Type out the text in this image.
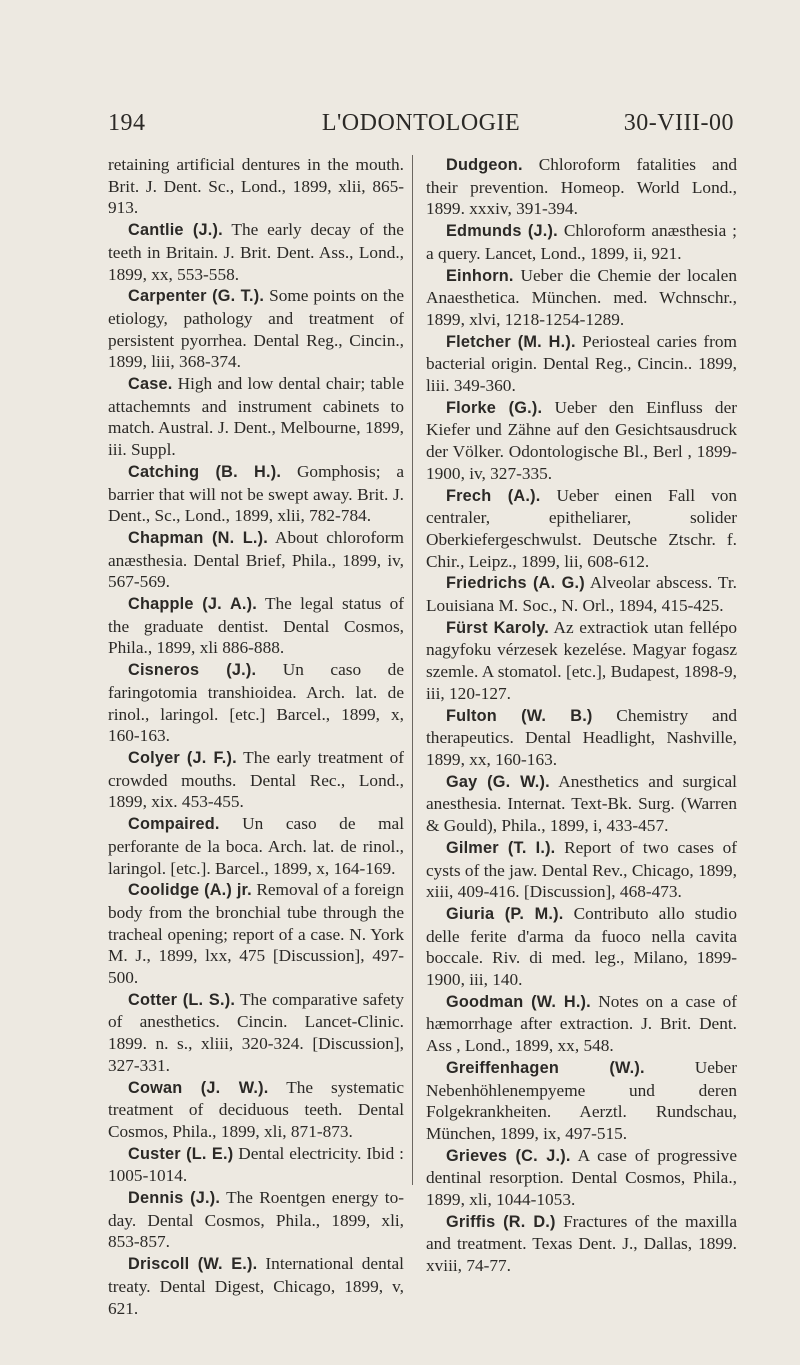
194	L'ODONTOLOGIE	30-VIII-00

retaining artificial dentures in the mouth. Brit. J. Dent. Sc., Lond., 1899, xlii, 865-913.

Cantlie (J.). The early decay of the teeth in Britain. J. Brit. Dent. Ass., Lond., 1899, xx, 553-558.

Carpenter (G. T.). Some points on the etiology, pathology and treatment of persistent pyorrhea. Dental Reg., Cincin., 1899, liii, 368-374.

Case. High and low dental chair; table attachemnts and instrument cabinets to match. Austral. J. Dent., Melbourne, 1899, iii. Suppl.

Catching (B. H.). Gomphosis; a barrier that will not be swept away. Brit. J. Dent., Sc., Lond., 1899, xlii, 782-784.

Chapman (N. L.). About chloroform anæsthesia. Dental Brief, Phila., 1899, iv, 567-569.

Chapple (J. A.). The legal status of the graduate dentist. Dental Cosmos, Phila., 1899, xli 886-888.

Cisneros (J.). Un caso de faringotomia transhioidea. Arch. lat. de rinol., laringol. [etc.] Barcel., 1899, x, 160-163.

Colyer (J. F.). The early treatment of crowded mouths. Dental Rec., Lond., 1899, xix. 453-455.

Compaired. Un caso de mal perforante de la boca. Arch. lat. de rinol., laringol. [etc.]. Barcel., 1899, x, 164-169.

Coolidge (A.) jr. Removal of a foreign body from the bronchial tube through the tracheal opening; report of a case. N. York M. J., 1899, lxx, 475 [Discussion], 497-500.

Cotter (L. S.). The comparative safety of anesthetics. Cincin. Lancet-Clinic. 1899. n. s., xliii, 320-324. [Discussion], 327-331.

Cowan (J. W.). The systematic treatment of deciduous teeth. Dental Cosmos, Phila., 1899, xli, 871-873.

Custer (L. E.) Dental electricity. Ibid : 1005-1014.

Dennis (J.). The Roentgen energy to-day. Dental Cosmos, Phila., 1899, xli, 853-857.

Driscoll (W. E.). International dental treaty. Dental Digest, Chicago, 1899, v, 621.

Dudgeon. Chloroform fatalities and their prevention. Homeop. World Lond., 1899. xxxiv, 391-394.

Edmunds (J.). Chloroform anæsthesia ; a query. Lancet, Lond., 1899, ii, 921.

Einhorn. Ueber die Chemie der localen Anaesthetica. München. med. Wchnschr., 1899, xlvi, 1218-1254-1289.

Fletcher (M. H.). Periosteal caries from bacterial origin. Dental Reg., Cincin.. 1899, liii. 349-360.

Florke (G.). Ueber den Einfluss der Kiefer und Zähne auf den Gesichtsausdruck der Völker. Odontologische Bl., Berl , 1899-1900, iv, 327-335.

Frech (A.). Ueber einen Fall von centraler, epitheliarer, solider Oberkiefergeschwulst. Deutsche Ztschr. f. Chir., Leipz., 1899, lii, 608-612.

Friedrichs (A. G.) Alveolar abscess. Tr. Louisiana M. Soc., N. Orl., 1894, 415-425.

Fürst Karoly. Az extractiok utan fellépo nagyfoku vérzesek kezelése. Magyar fogasz szemle. A stomatol. [etc.], Budapest, 1898-9, iii, 120-127.

Fulton (W. B.) Chemistry and therapeutics. Dental Headlight, Nashville, 1899, xx, 160-163.

Gay (G. W.). Anesthetics and surgical anesthesia. Internat. Text-Bk. Surg. (Warren & Gould), Phila., 1899, i, 433-457.

Gilmer (T. I.). Report of two cases of cysts of the jaw. Dental Rev., Chicago, 1899, xiii, 409-416. [Discussion], 468-473.

Giuria (P. M.). Contributo allo studio delle ferite d'arma da fuoco nella cavita boccale. Riv. di med. leg., Milano, 1899-1900, iii, 140.

Goodman (W. H.). Notes on a case of hæmorrhage after extraction. J. Brit. Dent. Ass , Lond., 1899, xx, 548.

Greiffenhagen (W.).	Ueber Nebenhöhlenempyeme und deren Folgekrankheiten. Aerztl. Rundschau, München, 1899, ix, 497-515.

Grieves (C. J.). A case of progressive dentinal resorption. Dental Cosmos, Phila., 1899, xli, 1044-1053.

Griffis (R. D.) Fractures of the maxilla and treatment. Texas Dent. J., Dallas, 1899. xviii, 74-77.
